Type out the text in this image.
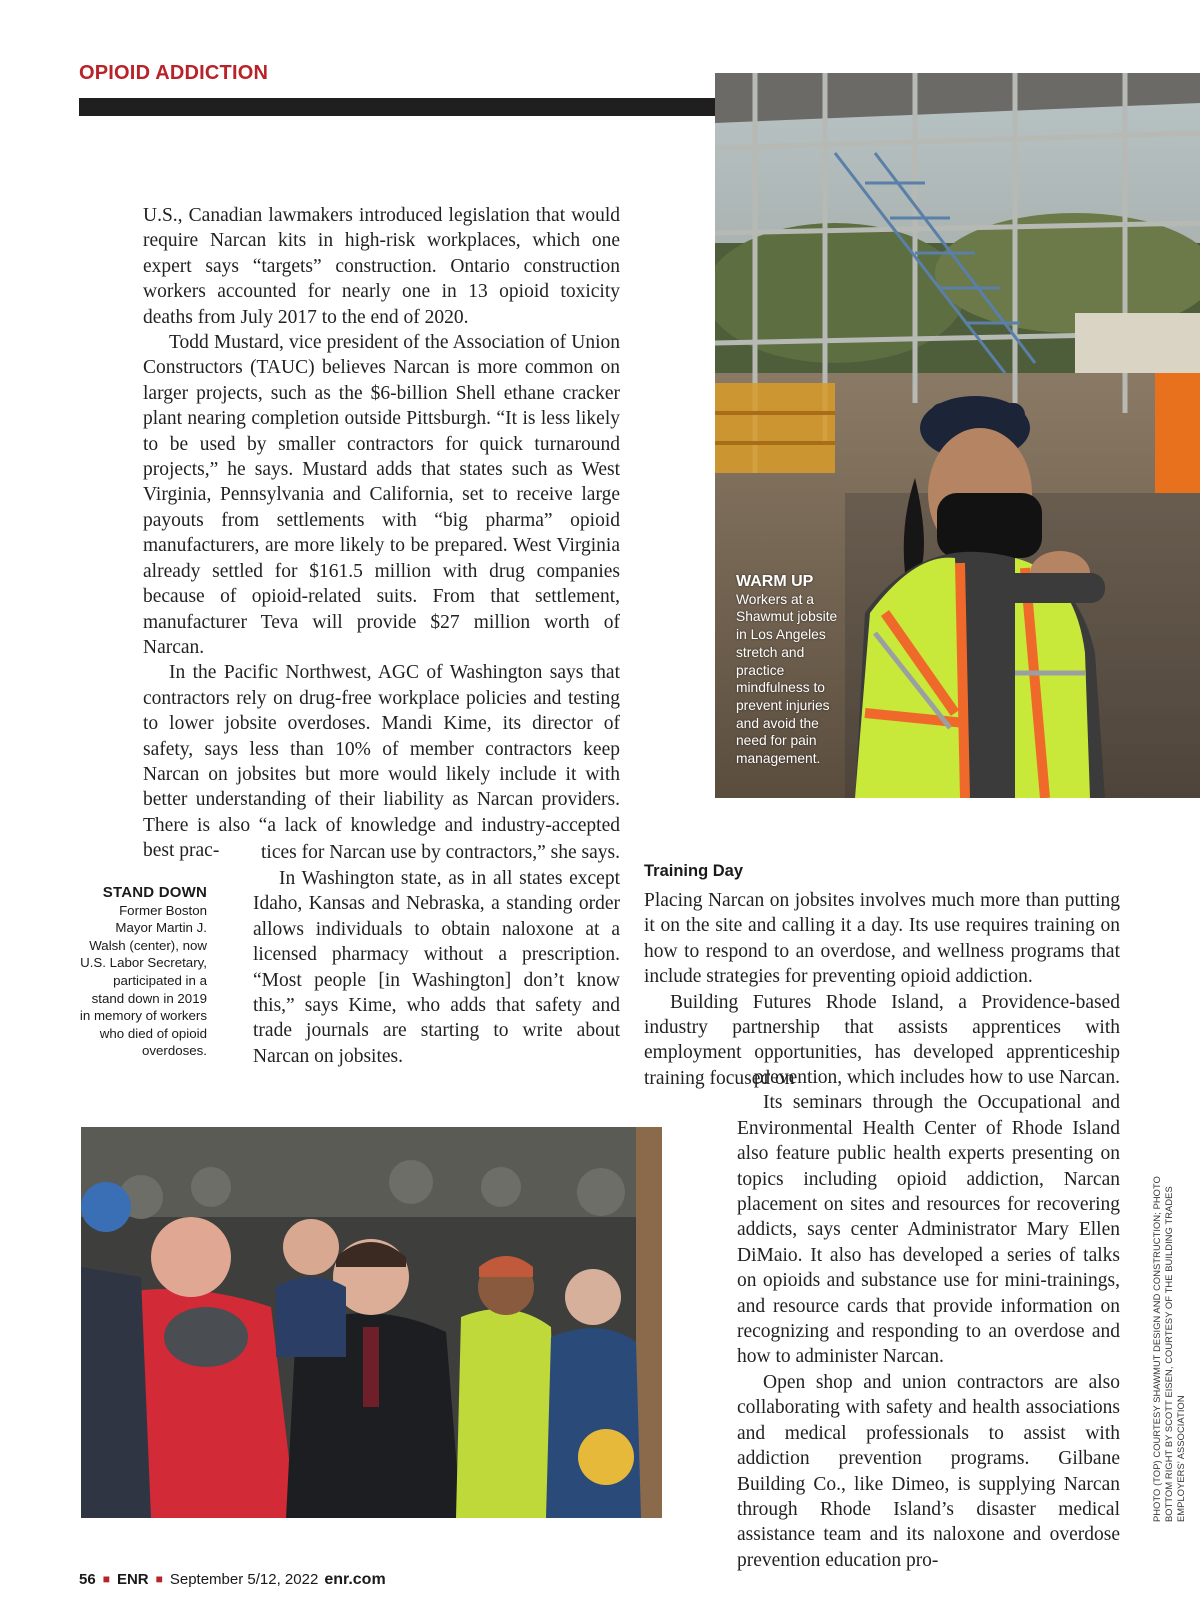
OPIOID ADDICTION

U.S., Canadian lawmakers introduced legislation that would require Narcan kits in high-risk workplaces, which one expert says “targets” construction. Ontario construction workers accounted for nearly one in 13 opioid toxicity deaths from July 2017 to the end of 2020.

Todd Mustard, vice president of the Association of Union Constructors (TAUC) believes Narcan is more common on larger projects, such as the $6-billion Shell ethane cracker plant nearing completion outside Pittsburgh. “It is less likely to be used by smaller contractors for quick turnaround projects,” he says. Mustard adds that states such as West Virginia, Pennsylvania and California, set to receive large payouts from settlements with “big pharma” opioid manufacturers, are more likely to be prepared. West Virginia already settled for $161.5 million with drug companies because of opioid-related suits. From that settlement, manufacturer Teva will provide $27 million worth of Narcan.

In the Pacific Northwest, AGC of Washington says that contractors rely on drug-free workplace policies and testing to lower jobsite overdoses. Mandi Kime, its director of safety, says less than 10% of member contractors keep Narcan on jobsites but more would likely include it with better understanding of their liability as Narcan providers. There is also “a lack of knowledge and industry-accepted best prac-	tices for Narcan use by contractors,” she says.

In Washington state, as in all states except Idaho, Kansas and Nebraska, a standing order allows individuals to obtain naloxone at a licensed pharmacy without a prescription. “Most people [in Washington] don’t know this,” says Kime, who adds that safety and trade journals are starting to write about Narcan on jobsites.

STAND DOWN
Former Boston Mayor Martin J. Walsh (center), now U.S. Labor Secretary, participated in a stand down in 2019 in memory of workers who died of opioid overdoses.
WARM UP
Workers at a Shawmut jobsite in Los Angeles stretch and practice mindfulness to prevent injuries and avoid the need for pain management.
Training Day

Placing Narcan on jobsites involves much more than putting it on the site and calling it a day. Its use requires training on how to respond to an overdose, and wellness programs that include strategies for preventing opioid addiction.

Building Futures Rhode Island, a Providence-based industry partnership that assists apprentices with employment opportunities, has developed apprenticeship training focused on

prevention, which includes how to use Narcan.

Its seminars through the Occupational and Environmental Health Center of Rhode Island also feature public health experts presenting on topics including opioid addiction, Narcan placement on sites and resources for recovering addicts, says center Administrator Mary Ellen DiMaio. It also has developed a series of talks on opioids and substance use for mini-trainings, and resource cards that provide information on recognizing and responding to an overdose and how to administer Narcan.

Open shop and union contractors are also collaborating with safety and health associations and medical professionals to assist with addiction prevention programs. Gilbane Building Co., like Dimeo, is supplying Narcan through Rhode Island’s disaster medical assistance team and its naloxone and overdose prevention education pro-

PHOTO (TOP) COURTESY SHAWMUT DESIGN AND CONSTRUCTION; PHOTO BOTTOM RIGHT BY SCOTT EISEN, COURTESY OF THE BUILDING TRADES EMPLOYERS’ ASSOCIATION
56 ■ ENR ■ September 5/12, 2022 enr.com
